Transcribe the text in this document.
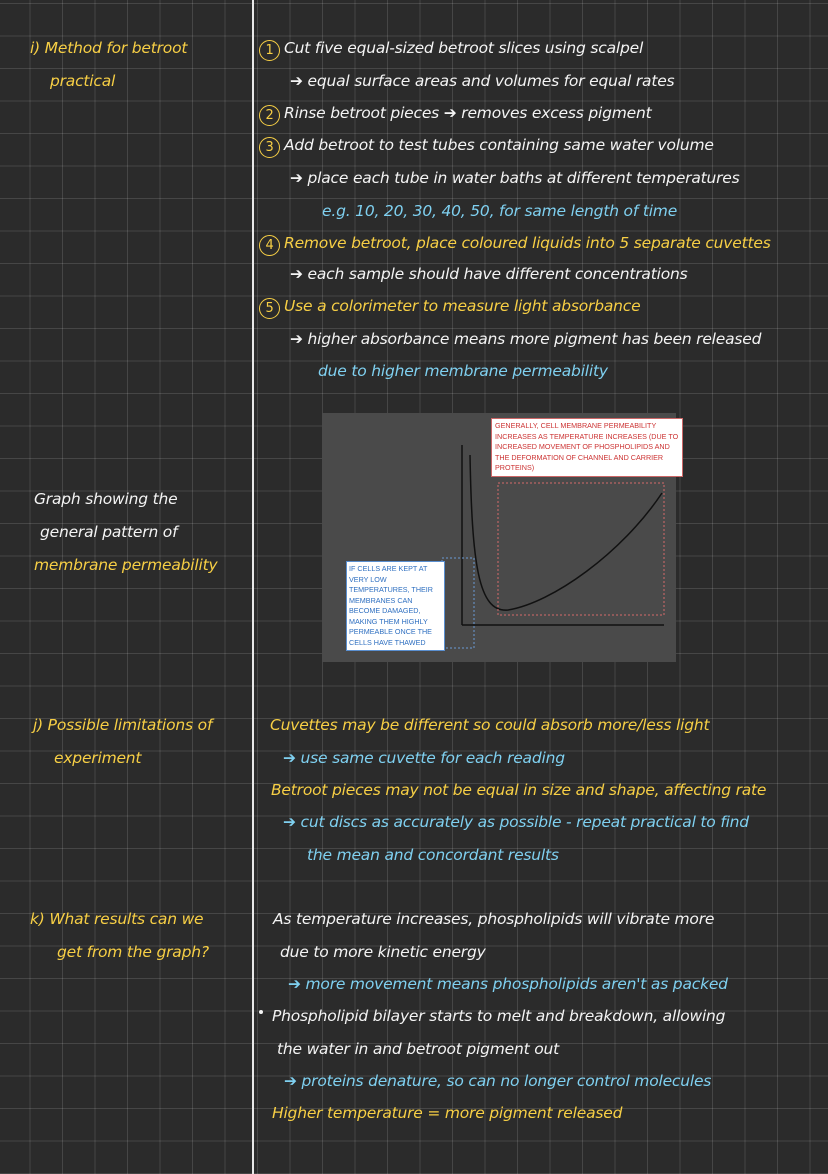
i) Method for betroot
practical
1 Cut five equal-sized betroot slices using scalpel
➔ equal surface areas and volumes for equal rates
2 Rinse betroot pieces ➔ removes excess pigment
3 Add betroot to test tubes containing same water volume
➔ place each tube in water baths at different temperatures
e.g. 10, 20, 30, 40, 50, for same length of time
4 Remove betroot, place coloured liquids into 5 separate cuvettes
➔ each sample should have different concentrations
5 Use a colorimeter to measure light absorbance
➔ higher absorbance means more pigment has been released
due to higher membrane permeability
Graph showing the
general pattern of
membrane permeability
GENERALLY, CELL MEMBRANE PERMEABILITY INCREASES AS TEMPERATURE INCREASES (DUE TO INCREASED MOVEMENT OF PHOSPHOLIPIDS AND THE DEFORMATION OF CHANNEL AND CARRIER PROTEINS)
IF CELLS ARE KEPT AT VERY LOW TEMPERATURES, THEIR MEMBRANES CAN BECOME DAMAGED, MAKING THEM HIGHLY PERMEABLE ONCE THE CELLS HAVE THAWED
j) Possible limitations of
experiment
Cuvettes may be different so could absorb more/less light
➔ use same cuvette for each reading
Betroot pieces may not be equal in size and shape, affecting rate
➔ cut discs as accurately as possible - repeat practical to find
the mean and concordant results
k) What results can we
get from the graph?
As temperature increases, phospholipids will vibrate more
due to more kinetic energy
➔ more movement means phospholipids aren't as packed
Phospholipid bilayer starts to melt and breakdown, allowing
the water in and betroot pigment out
➔ proteins denature, so can no longer control molecules
Higher temperature = more pigment released
